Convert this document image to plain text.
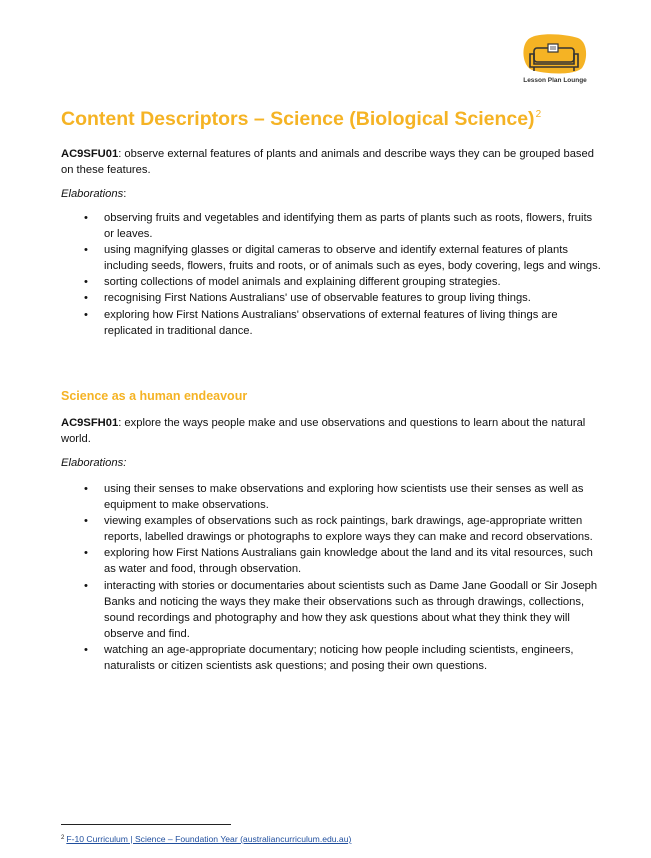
Lesson Plan Lounge
Content Descriptors – Science (Biological Science)$^2$

AC9SFU01: observe external features of plants and animals and describe ways they can be grouped based on these features.

Elaborations:

• observing fruits and vegetables and identifying them as parts of plants such as roots, flowers, fruits or leaves.
• using magnifying glasses or digital cameras to observe and identify external features of plants including seeds, flowers, fruits and roots, or of animals such as eyes, body covering, legs and wings.
• sorting collections of model animals and explaining different grouping strategies.
• recognising First Nations Australians' use of observable features to group living things.
• exploring how First Nations Australians' observations of external features of living things are replicated in traditional dance.
Science as a human endeavour

AC9SFH01: explore the ways people make and use observations and questions to learn about the natural world.

Elaborations:

• using their senses to make observations and exploring how scientists use their senses as well as equipment to make observations.
• viewing examples of observations such as rock paintings, bark drawings, age-appropriate written reports, labelled drawings or photographs to explore ways they can make and record observations.
• exploring how First Nations Australians gain knowledge about the land and its vital resources, such as water and food, through observation.
• interacting with stories or documentaries about scientists such as Dame Jane Goodall or Sir Joseph Banks and noticing the ways they make their observations such as through drawings, collections, sound recordings and photography and how they ask questions about what they think they will observe and find.
• watching an age-appropriate documentary; noticing how people including scientists, engineers, naturalists or citizen scientists ask questions; and posing their own questions.
$^2$ F-10 Curriculum | Science – Foundation Year (australiancurriculum.edu.au)
